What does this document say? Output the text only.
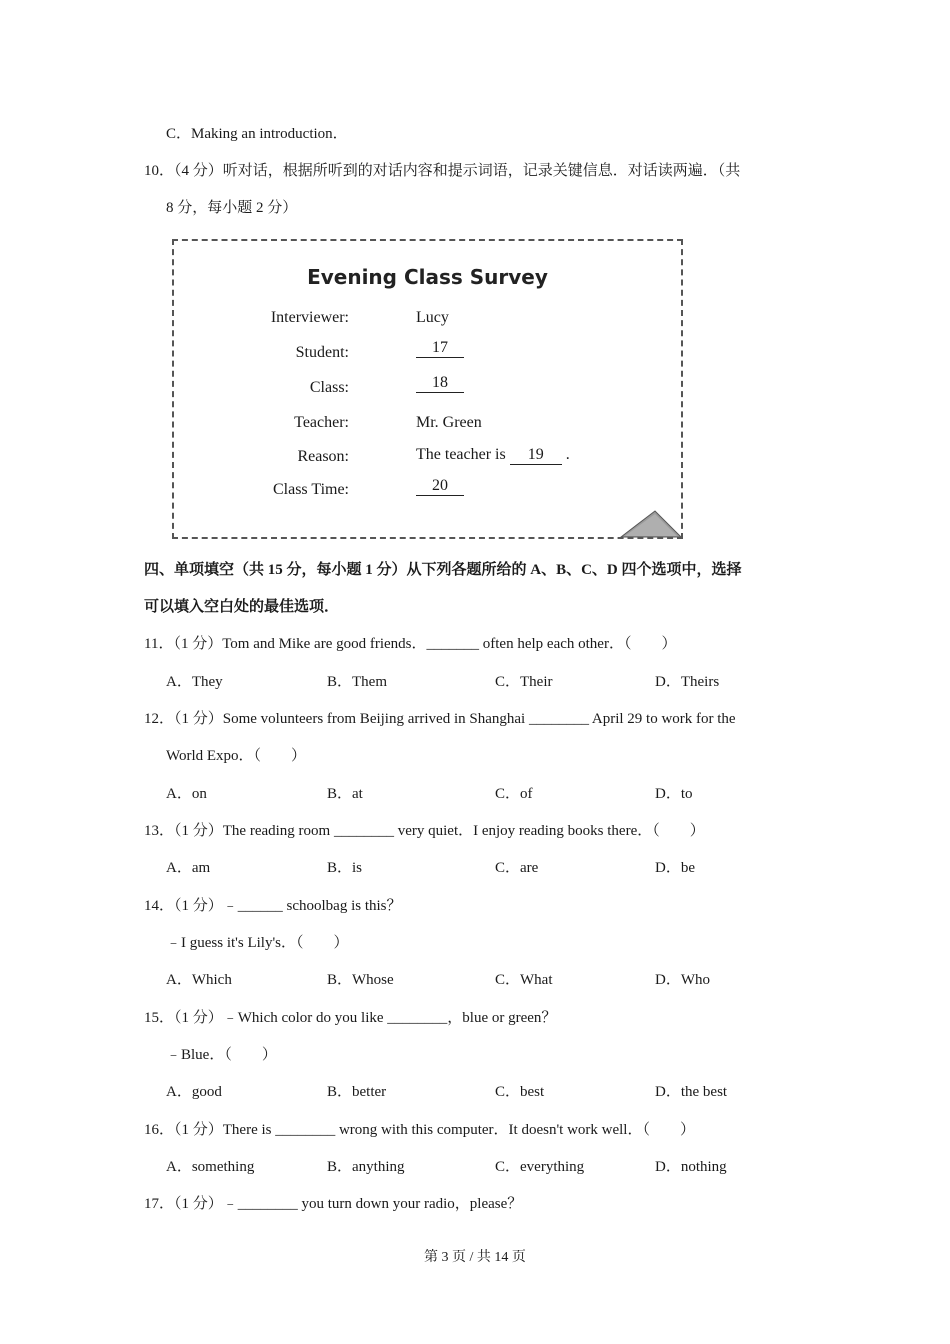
C．Making an introduction．
10．（4 分）听对话，根据所听到的对话内容和提示词语，记录关键信息．对话读两遍．（共
8 分，每小题 2 分）
Evening Class Survey
Interviewer:	Lucy
Student:	17
Class:	18
Teacher:	Mr. Green
Reason:	The teacher is 19 .
Class Time:	20
四、单项填空（共 15 分，每小题 1 分）从下列各题所给的 A、B、C、D 四个选项中，选择
可以填入空白处的最佳选项．
11．（1 分）Tom and Mike are good friends．_______ often help each other．（　　）
A．They	B．Them	C．Their	D．Theirs
12．（1 分）Some volunteers from Beijing arrived in Shanghai ________ April 29 to work for the
World Expo．（　　）
A．on	B．at	C．of	D．to
13．（1 分）The reading room ________ very quiet．I enjoy reading books there．（　　）
A．am	B．is	C．are	D．be
14．（1 分）﹣______ schoolbag is this？
﹣I guess it's Lily's．（　　）
A．Which	B．Whose	C．What	D．Who
15．（1 分）﹣Which color do you like ________，blue or green？
﹣Blue．（　　）
A．good	B．better	C．best	D．the best
16．（1 分）There is ________ wrong with this computer．It doesn't work well．（　　）
A．something	B．anything	C．everything	D．nothing
17．（1 分）﹣________ you turn down your radio，please？
第 3 页 / 共 14 页
